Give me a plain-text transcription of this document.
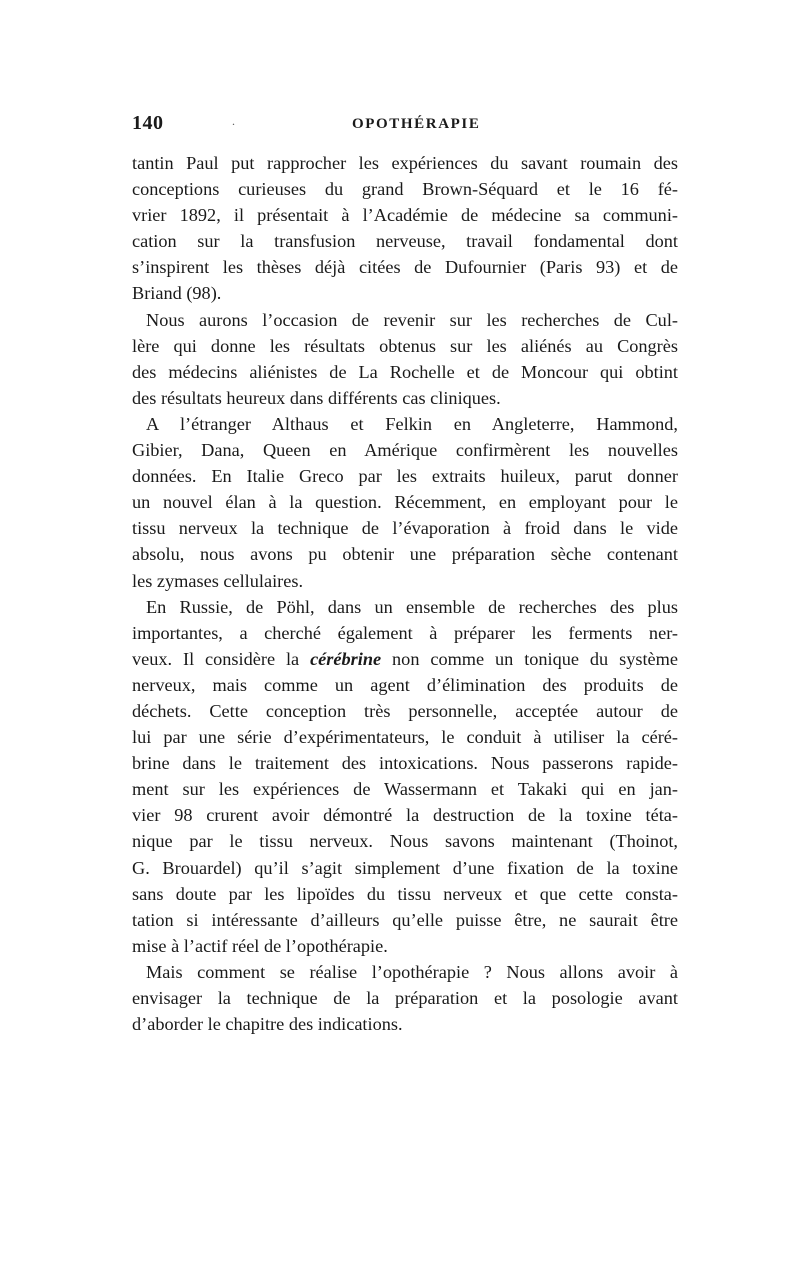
140	.	OPOTHÉRAPIE
tantin Paul put rapprocher les expériences du savant roumain des
conceptions curieuses du grand Brown-Séquard et le 16 fé-
vrier 1892, il présentait à l’Académie de médecine sa communi-
cation sur la transfusion nerveuse, travail fondamental dont
s’inspirent les thèses déjà citées de Dufournier (Paris 93) et de
Briand (98).
Nous aurons l’occasion de revenir sur les recherches de Cul-
lère qui donne les résultats obtenus sur les aliénés au Congrès
des médecins aliénistes de La Rochelle et de Moncour qui obtint
des résultats heureux dans différents cas cliniques.
A l’étranger Althaus et Felkin en Angleterre, Hammond,
Gibier, Dana, Queen en Amérique confirmèrent les nouvelles
données. En Italie Greco par les extraits huileux, parut donner
un nouvel élan à la question. Récemment, en employant pour le
tissu nerveux la technique de l’évaporation à froid dans le vide
absolu, nous avons pu obtenir une préparation sèche contenant
les zymases cellulaires.
En Russie, de Pöhl, dans un ensemble de recherches des plus
importantes, a cherché également à préparer les ferments ner-
veux. Il considère la cérébrine non comme un tonique du système
nerveux, mais comme un agent d’élimination des produits de
déchets. Cette conception très personnelle, acceptée autour de
lui par une série d’expérimentateurs, le conduit à utiliser la céré-
brine dans le traitement des intoxications. Nous passerons rapide-
ment sur les expériences de Wassermann et Takaki qui en jan-
vier 98 crurent avoir démontré la destruction de la toxine téta-
nique par le tissu nerveux. Nous savons maintenant (Thoinot,
G. Brouardel) qu’il s’agit simplement d’une fixation de la toxine
sans doute par les lipoïdes du tissu nerveux et que cette consta-
tation si intéressante d’ailleurs qu’elle puisse être, ne saurait être
mise à l’actif réel de l’opothérapie.
Mais comment se réalise l’opothérapie ? Nous allons avoir à
envisager la technique de la préparation et la posologie avant
d’aborder le chapitre des indications.
